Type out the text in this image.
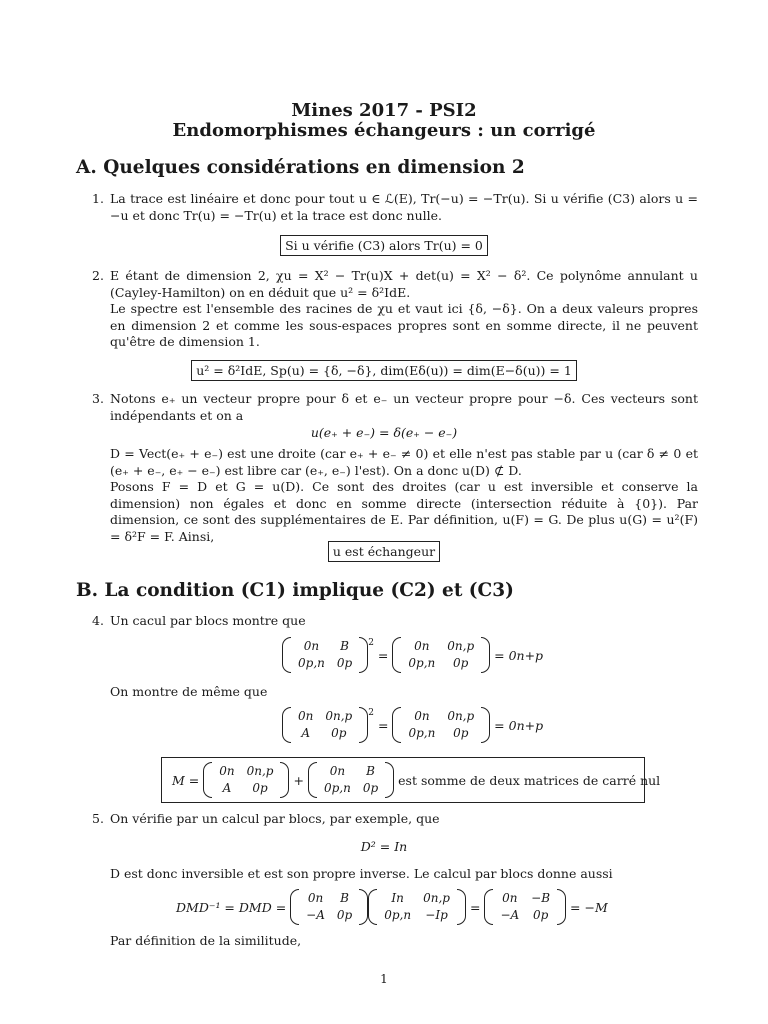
Mines 2017 - PSI2
Endomorphismes échangeurs : un corrigé
A. Quelques considérations en dimension 2
1. La trace est linéaire et donc pour tout u ∈ ℒ(E), Tr(−u) = −Tr(u). Si u vérifie (C3) alors u = −u et donc Tr(u) = −Tr(u) et la trace est donc nulle.
Si u vérifie (C3) alors Tr(u) = 0
2. E étant de dimension 2, χu = X² − Tr(u)X + det(u) = X² − δ². Ce polynôme annulant u (Cayley-Hamilton) on en déduit que u² = δ²IdE.
Le spectre est l'ensemble des racines de χu et vaut ici {δ, −δ}. On a deux valeurs propres en dimension 2 et comme les sous-espaces propres sont en somme directe, il ne peuvent qu'être de dimension 1.
u² = δ²IdE, Sp(u) = {δ, −δ}, dim(Eδ(u)) = dim(E−δ(u)) = 1
3. Notons e₊ un vecteur propre pour δ et e₋ un vecteur propre pour −δ. Ces vecteurs sont indépendants et on a
u(e₊ + e₋) = δ(e₊ − e₋)
D = Vect(e₊ + e₋) est une droite (car e₊ + e₋ ≠ 0) et elle n'est pas stable par u (car δ ≠ 0 et (e₊ + e₋, e₊ − e₋) est libre car (e₊, e₋) l'est). On a donc u(D) ⊄ D.
Posons F = D et G = u(D). Ce sont des droites (car u est inversible et conserve la dimension) non égales et donc en somme directe (intersection réduite à {0}). Par dimension, ce sont des supplémentaires de E. Par définition, u(F) = G. De plus u(G) = u²(F) = δ²F = F. Ainsi,
u est échangeur
B. La condition (C1) implique (C2) et (C3)
4. Un cacul par blocs montre que
0n	B
0p,n	0p
$^2$=
0n	0n,p
0p,n	0p
= 0n+p
On montre de même que
0n	0n,p
A	0p
$^2$=
0n	0n,p
0p,n	0p
= 0n+p
M =
0n	0n,p
A	0p
+
0n	B
0p,n	0p
est somme de deux matrices de carré nul
5. On vérifie par un calcul par blocs, par exemple, que
D² = In
D est donc inversible et est son propre inverse. Le calcul par blocs donne aussi
DMD⁻¹ = DMD =
0n	B
−A	0p
In	0n,p
0p,n	−Ip
=
0n	−B
−A	0p
= −M
Par définition de la similitude,
1
